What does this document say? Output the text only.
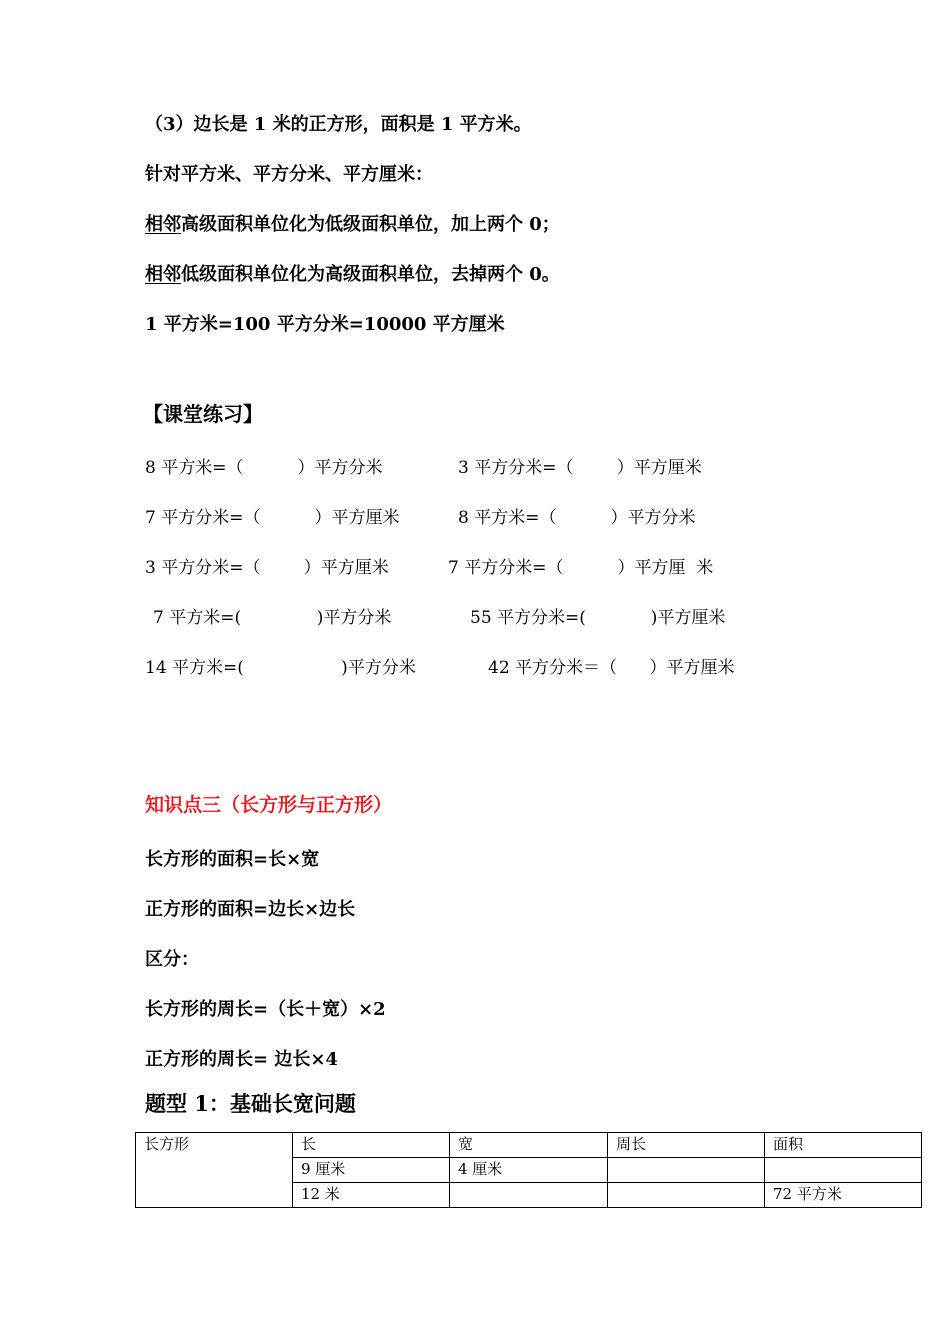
（3）边长是 1 米的正方形，面积是 1 平方米。
针对平方米、平方分米、平方厘米：
相邻高级面积单位化为低级面积单位，加上两个 0；
相邻低级面积单位化为高级面积单位，去掉两个 0。
1 平方米=100 平方分米=10000 平方厘米
【课堂练习】
8 平方米=（          ）平方分米	3 平方分米=（        ）平方厘米
7 平方分米=（          ）平方厘米	8 平方米=（          ）平方分米
3 平方分米=（        ）平方厘米	7 平方分米=（          ）平方厘  米
7 平方米=(              )平方分米	55 平方分米=(            )平方厘米
14 平方米=(                  )平方分米	42 平方分米＝（      ）平方厘米
知识点三（长方形与正方形）
长方形的面积=长×宽
正方形的面积=边长×边长
区分：
长方形的周长=（长＋宽）×2
正方形的周长= 边长×4
题型 1：基础长宽问题
长方形	长	宽	周长	面积
	9 厘米	4 厘米		
	12 米			72 平方米
